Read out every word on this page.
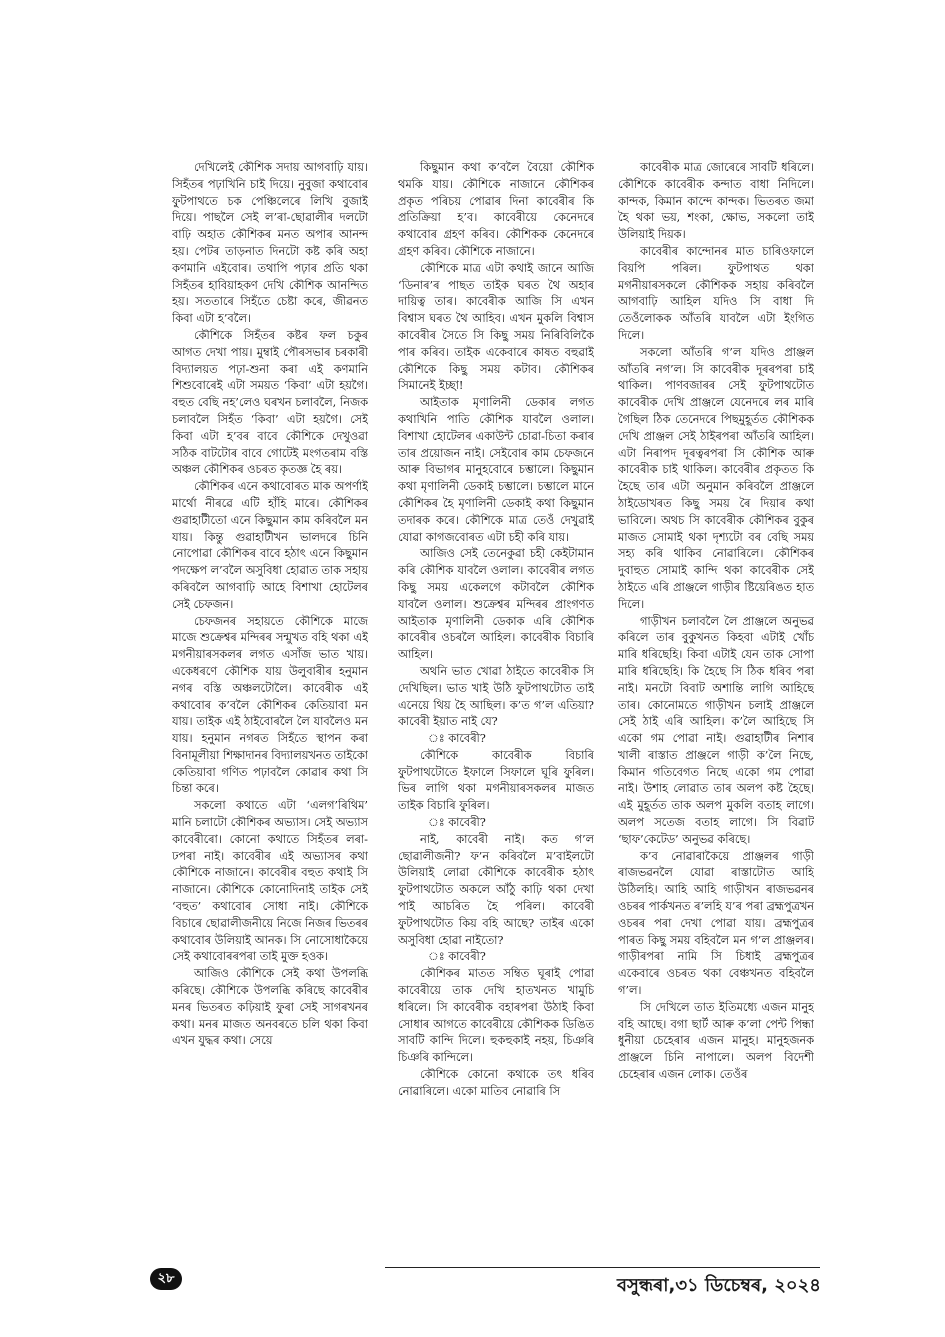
দেখিলেই কৌশিক সদায় আগবাঢ়ি যায়। সিহঁতৰ পঢ়াখিনি চাই দিয়ে। নুবুজা কথাবোৰ ফুটপাথতে চক পেঞ্চিলেৰে লিখি বুজাই দিয়ে। পাছলৈ সেই ল’ৰা-ছোৱালীৰ দলটো বাঢ়ি অহাত কৌশিকৰ মনত অপাৰ আনন্দ হয়। পেটৰ তাড়নাত দিনটো কষ্ট কৰি অহা কণমানি এইবোৰ। তথাপি পঢ়াৰ প্ৰতি থকা সিহঁতৰ হাবিয়াহকণ দেখি কৌশিক আনন্দিত হয়। সততাৰে সিহঁতে চেষ্টা কৰে, জীৱনত কিবা এটা হ’বলৈ।

কৌশিকে সিহঁতৰ কষ্টৰ ফল চকুৰ আগত দেখা পায়। মুম্বাই পৌৰসভাৰ চৰকাৰী বিদ্যালয়ত পঢ়া-শুনা কৰা এই কণমানি শিশুবোৰেই এটা সময়ত ‘কিবা’ এটা হয়গৈ। বহুত বেছি নহ’লেও ঘৰখন চলাবলৈ, নিজক চলাবলৈ সিহঁত ‘কিবা’ এটা হয়গৈ। সেই কিবা এটা হ’বৰ বাবে কৌশিকে দেখুওৱা সঠিক বাটটোৰ বাবে গোটেই মংগতৰাম বস্তি অঞ্চল কৌশিকৰ ওচৰত কৃতজ্ঞ হৈ ৰয়।

কৌশিকৰ এনে কথাবোৰত মাক অপৰ্ণাই মাৰ্থো নীৰৱে এটি হাঁহি মাৰে। কৌশিকৰ গুৱাহাটীতো এনে কিছুমান কাম কৰিবলৈ মন যায়। কিন্তু গুৱাহাটীখন ভালদৰে চিনি নোপোৱা কৌশিকৰ বাবে হঠাৎ এনে কিছুমান পদক্ষেপ ল’বলৈ অসুবিধা হোৱাত তাক সহায় কৰিবলৈ আগবাঢ়ি আহে বিশাখা হোটেলৰ সেই চেফজন।

চেফজনৰ সহায়তে কৌশিকে মাজে মাজে শুক্ৰেশ্বৰ মন্দিৰৰ সন্মুখত বহি থকা এই মগনীয়াৰসকলৰ লগত এসাঁজ ভাত খায়। একেধৰণে কৌশিক যায় উলুবাৰীৰ হনুমান নগৰ বস্তি অঞ্চলটোলৈ। কাবেৰীক এই কথাবোৰ ক’বলৈ কৌশিকৰ কেতিয়াবা মন যায়। তাইক এই ঠাইবোৰলৈ লৈ যাবলৈও মন যায়। হনুমান নগৰত সিহঁতে স্থাপন কৰা বিনামূলীয়া শিক্ষাদানৰ বিদ্যালয়খনত তাইকো কেতিয়াবা গণিত পঢ়াবলৈ কোৱাৰ কথা সি চিন্তা কৰে।

সকলো কথাতে এটা ‘এলগ’ৰিথিম’ মানি চলাটো কৌশিকৰ অভ্যাস। সেই অভ্যাস কাবেৰীৰো। কোনো কথাতে সিহঁতৰ লৰা-ঢপৰা নাই। কাবেৰীৰ এই অভ্যাসৰ কথা কৌশিকে নাজানে। কাবেৰীৰ বহুত কথাই সি নাজানে। কৌশিকে কোনোদিনাই তাইক সেই ‘বহুত’ কথাবোৰ সোধা নাই। কৌশিকে বিচাৰে ছোৱালীজনীয়ে নিজে নিজৰ ভিতৰৰ কথাবোৰ উলিয়াই আনক। সি নোসোধাকৈয়ে সেই কথাবোৰৰপৰা তাই মুক্ত হওক।

আজিও কৌশিকে সেই কথা উপলব্ধি কৰিছে। কৌশিকে উপলব্ধি কৰিছে কাবেৰীৰ মনৰ ভিতৰত কঢ়িয়াই ফুৰা সেই সাগৰখনৰ কথা। মনৰ মাজত অনবৰতে চলি থকা কিবা এখন যুদ্ধৰ কথা। সেয়ে

কিছুমান কথা ক’বলৈ বৈয়ো কৌশিক থমকি যায়। কৌশিকে নাজানে কৌশিকৰ প্ৰকৃত পৰিচয় পোৱাৰ দিনা কাবেৰীৰ কি প্ৰতিক্ৰিয়া হ’ব। কাবেৰীয়ে কেনেদৰে কথাবোৰ গ্ৰহণ কৰিব। কৌশিকক কেনেদৰে গ্ৰহণ কৰিব। কৌশিকে নাজানে।

কৌশিকে মাত্ৰ এটা কথাই জানে আজি ‘ডিনাৰ’ৰ পাছত তাইক ঘৰত থৈ অহাৰ দায়িত্ব তাৰ। কাবেৰীক আজি সি এখন বিশ্বাস ঘৰত থৈ আহিব। এখন মুকলি বিশ্বাস কাবেৰীৰ সৈতে সি কিছু সময় নিৰিবিলিকৈ পাৰ কৰিব। তাইক একেবাৰে কাষত বহুৱাই কৌশিকে কিছু সময় কটাব। কৌশিকৰ সিমানেই ইচ্ছা!

আইতাক মৃণালিনী ডেকাৰ লগত কথাখিনি পাতি কৌশিক যাবলৈ ওলাল। বিশাখা হোটেলৰ একাউন্ট চোৱা-চিতা কৰাৰ তাৰ প্ৰয়োজন নাই। সেইবোৰ কাম চেফজনে আৰু বিভাগৰ মানুহবোৰে চম্ভালে। কিছুমান কথা মৃণালিনী ডেকাই চম্ভালে। চম্ভালে মানে কৌশিকৰ হৈ মৃণালিনী ডেকাই কথা কিছুমান তদাৰক কৰে। কৌশিকে মাত্ৰ তেওঁ দেখুৱাই যোৱা কাগজবোৰত এটা চহী কৰি যায়।

আজিও সেই তেনেকুৱা চহী কেইটামান কৰি কৌশিক যাবলৈ ওলাল। কাবেৰীৰ লগত কিছু সময় একেলগে কটাবলৈ কৌশিক যাবলৈ ওলাল। শুক্ৰেশ্বৰ মন্দিৰৰ প্ৰাংগণত আইতাক মৃণালিনী ডেকাক এৰি কৌশিক কাবেৰীৰ ওচৰলৈ আহিল। কাবেৰীক বিচাৰি আহিল।

অথনি ভাত খোৱা ঠাইতে কাবেৰীক সি দেখিছিল। ভাত খাই উঠি ফুটপাথটোত তাই এনেয়ে থিয় হৈ আছিল। ক’ত গ’ল এতিয়া? কাবেৰী ইয়াত নাই যে?

ঃ কাবেৰী?

কৌশিকে কাবেৰীক বিচাৰি ফুটপাথটোতে ইফালে সিফালে ঘূৰি ফুৰিল। ভিৰ লাগি থকা মগনীয়াৰসকলৰ মাজত তাইক বিচাৰি ফুৰিল।

ঃ কাবেৰী?

নাই, কাবেৰী নাই। কত গ’ল ছোৱালীজনী? ফ’ন কৰিবলৈ ম’বাইলটো উলিয়াই লোৱা কৌশিকে কাবেৰীক হঠাৎ ফুটপাথটোত অকলে আঁঠু কাঢ়ি থকা দেখা পাই আচৰিত হৈ পৰিল। কাবেৰী ফুটপাথটোত কিয় বহি আছে? তাইৰ একো অসুবিধা হোৱা নাইতো?

ঃ কাবেৰী?

কৌশিকৰ মাতত সম্বিত ঘূৰাই পোৱা কাবেৰীয়ে তাক দেখি হাতখনত খামুচি ধৰিলে। সি কাবেৰীক বহাৰপৰা উঠাই কিবা সোধাৰ আগতে কাবেৰীয়ে কৌশিকক ডিঙিত সাবটি কান্দি দিলে। হুকহুকাই নহয়, চিঞৰি চিঞৰি কান্দিলে।

কৌশিকে কোনো কথাকে তৎ ধৰিব নোৱাৰিলে। একো মাতিব নোৱাৰি সি

কাবেৰীক মাত্ৰ জোৰেৰে সাবটি ধৰিলে। কৌশিকে কাবেৰীক কন্দাত বাধা নিদিলে। কান্দক, কিমান কান্দে কান্দক। ভিতৰত জমা হৈ থকা ভয়, শংকা, ক্ষোভ, সকলো তাই উলিয়াই দিয়ক।

কাবেৰীৰ কান্দোনৰ মাত চাৰিওফালে বিয়পি পৰিল। ফুটপাথত থকা মগনীয়াৰসকলে কৌশিকক সহায় কৰিবলৈ আগবাঢ়ি আহিল যদিও সি বাধা দি তেওঁলোকক আঁতৰি যাবলৈ এটা ইংগিত দিলে।

সকলো আঁতৰি গ’ল যদিও প্ৰাঞ্জল আঁতৰি নগ’ল। সি কাবেৰীক দূৰৰপৰা চাই থাকিল। পাণবজাৰৰ সেই ফুটপাথটোত কাবেৰীক দেখি প্ৰাঞ্জলে যেনেদৰে লৰ মাৰি গৈছিল ঠিক তেনেদৰে পিছমুহূৰ্তত কৌশিকক দেখি প্ৰাঞ্জল সেই ঠাইৰপৰা আঁতৰি আহিল। এটা নিৰাপদ দূৰত্বৰপৰা সি কৌশিক আৰু কাবেৰীক চাই থাকিল। কাবেৰীৰ প্ৰকৃতত কি হৈছে তাৰ এটা অনুমান কৰিবলৈ প্ৰাঞ্জলে ঠাইডোখৰত কিছু সময় ৰৈ দিয়াৰ কথা ভাবিলে। অথচ সি কাবেৰীক কৌশিকৰ বুকুৰ মাজত সোমাই থকা দৃশ্যটো বৰ বেছি সময় সহ্য কৰি থাকিব নোৱাৰিলে। কৌশিকৰ দুবাহুত সোমাই কান্দি থকা কাবেৰীক সেই ঠাইতে এৰি প্ৰাঞ্জলে গাড়ীৰ ষ্টিয়েৰিঙত হাত দিলে।

গাড়ীখন চলাবলৈ লৈ প্ৰাঞ্জলে অনুভৱ কৰিলে তাৰ বুকুখনত কিহবা এটাই খোঁচ মাৰি ধৰিছেহি। কিবা এটাই যেন তাক সোপা মাৰি ধৰিছেহি। কি হৈছে সি ঠিক ধৰিব পৰা নাই। মনটো বিবাট অশান্তি লাগি আহিছে তাৰ। কোনোমতে গাড়ীখন চলাই প্ৰাঞ্জলে সেই ঠাই এৰি আহিল। ক’লৈ আহিছে সি একো গম পোৱা নাই। গুৱাহাটীৰ নিশাৰ খালী ৰাস্তাত প্ৰাঞ্জলে গাড়ী ক’লৈ নিছে, কিমান গতিবেগত নিছে একো গম পোৱা নাই। উশাহ লোৱাত তাৰ অলপ কষ্ট হৈছে। এই মুহূৰ্তত তাক অলপ মুকলি বতাহ লাগে। অলপ সতেজ বতাহ লাগে। সি বিৱাট ‘ছাফ’কেটেড’ অনুভৱ কৰিছে।

ক’ব নোৱাৰাকৈয়ে প্ৰাঞ্জলৰ গাড়ী ৰাজভৱনলৈ যোৱা ৰাস্তাটোত আহি উঠিলহি। আহি আহি গাড়ীখন ৰাজভৱনৰ ওচৰৰ পাৰ্কখনত ৰ’লহি য’ৰ পৰা ব্ৰহ্মপুত্ৰখন ওচৰৰ পৰা দেখা পোৱা যায়। ব্ৰহ্মপুত্ৰৰ পাৰত কিছু সময় বহিবলৈ মন গ’ল প্ৰাঞ্জলৰ। গাড়ীৰপৰা নামি সি চিধাই ব্ৰহ্মপুত্ৰৰ একেবাৰে ওচৰত থকা বেঞ্চখনত বহিবলৈ গ’ল।

সি দেখিলে তাত ইতিমধ্যে এজন মানুহ বহি আছে। বগা ছাৰ্ট আৰু ক’লা পেন্ট পিন্ধা ধুনীয়া চেহেৰাৰ এজন মানুহ। মানুহজনক প্ৰাঞ্জলে চিনি নাপালে। অলপ বিদেশী চেহেৰাৰ এজন লোক। তেওঁৰ

২৮	বসুন্ধৰা,৩১ ডিচেম্বৰ, ২০২৪
